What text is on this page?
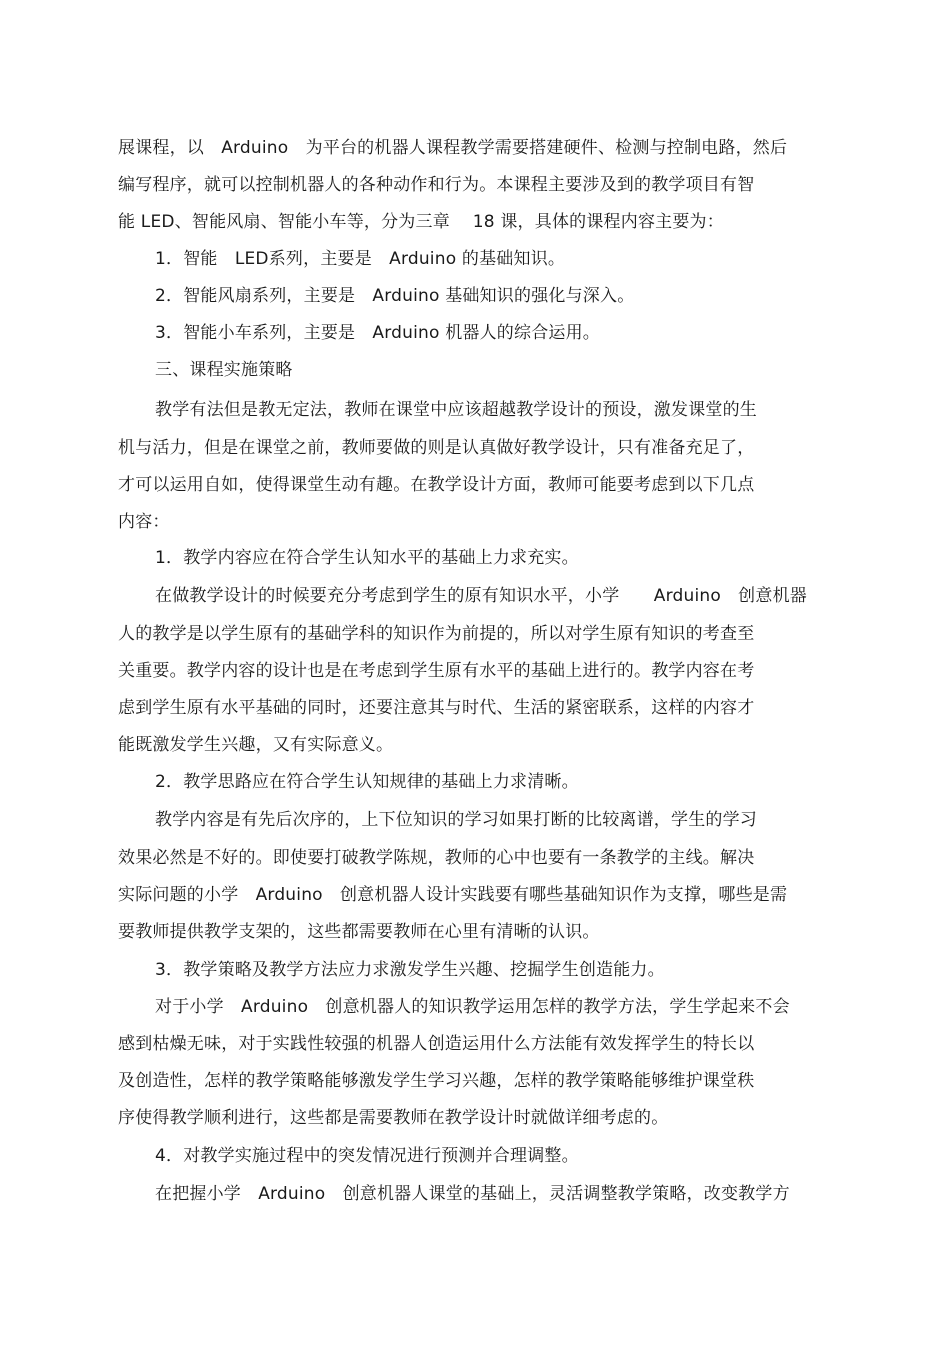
展课程，以　Arduino　为平台的机器人课程教学需要搭建硬件、检测与控制电路，然后
编写程序，就可以控制机器人的各种动作和行为。本课程主要涉及到的教学项目有智
能 LED、智能风扇、智能小车等，分为三章　 18 课，具体的课程内容主要为：
1．智能　LED系列，主要是　Arduino 的基础知识。
2．智能风扇系列，主要是　Arduino 基础知识的强化与深入。
3．智能小车系列，主要是　Arduino 机器人的综合运用。
三、课程实施策略
教学有法但是教无定法，教师在课堂中应该超越教学设计的预设，激发课堂的生
机与活力，但是在课堂之前，教师要做的则是认真做好教学设计，只有准备充足了，
才可以运用自如，使得课堂生动有趣。在教学设计方面，教师可能要考虑到以下几点
内容：
1．教学内容应在符合学生认知水平的基础上力求充实。
在做教学设计的时候要充分考虑到学生的原有知识水平，小学　　Arduino　创意机器
人的教学是以学生原有的基础学科的知识作为前提的，所以对学生原有知识的考查至
关重要。教学内容的设计也是在考虑到学生原有水平的基础上进行的。教学内容在考
虑到学生原有水平基础的同时，还要注意其与时代、生活的紧密联系，这样的内容才
能既激发学生兴趣，又有实际意义。
2．教学思路应在符合学生认知规律的基础上力求清晰。
教学内容是有先后次序的，上下位知识的学习如果打断的比较离谱，学生的学习
效果必然是不好的。即使要打破教学陈规，教师的心中也要有一条教学的主线。解决
实际问题的小学　Arduino　创意机器人设计实践要有哪些基础知识作为支撑，哪些是需
要教师提供教学支架的，这些都需要教师在心里有清晰的认识。
3．教学策略及教学方法应力求激发学生兴趣、挖掘学生创造能力。
对于小学　Arduino　创意机器人的知识教学运用怎样的教学方法，学生学起来不会
感到枯燥无味，对于实践性较强的机器人创造运用什么方法能有效发挥学生的特长以
及创造性，怎样的教学策略能够激发学生学习兴趣，怎样的教学策略能够维护课堂秩
序使得教学顺利进行，这些都是需要教师在教学设计时就做详细考虑的。
4．对教学实施过程中的突发情况进行预测并合理调整。
在把握小学　Arduino　创意机器人课堂的基础上，灵活调整教学策略，改变教学方
